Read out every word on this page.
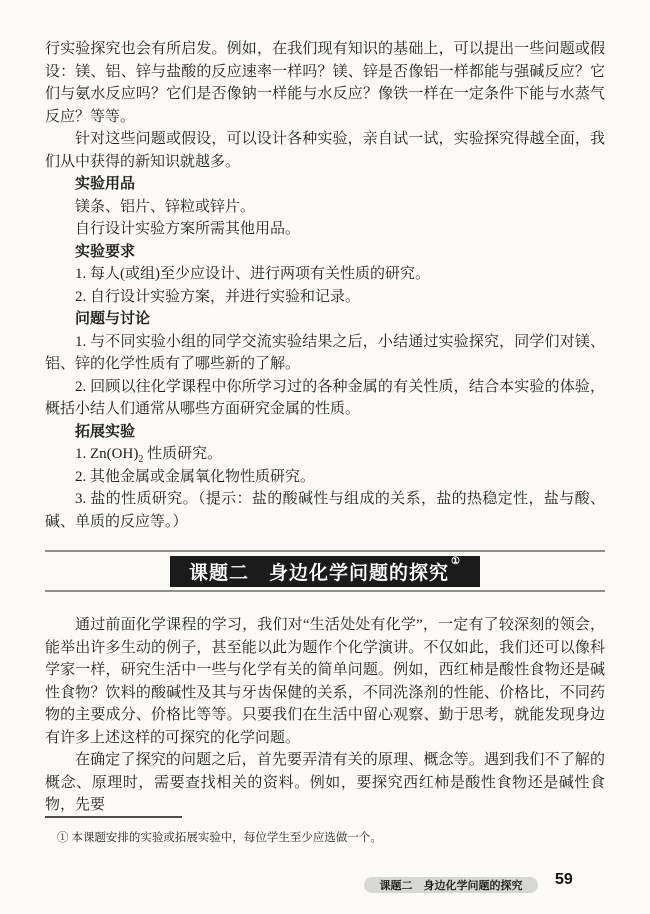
行实验探究也会有所启发。例如，在我们现有知识的基础上，可以提出一些问题或假设：镁、铝、锌与盐酸的反应速率一样吗？镁、锌是否像铝一样都能与强碱反应？它们与氨水反应吗？它们是否像钠一样能与水反应？像铁一样在一定条件下能与水蒸气反应？等等。

针对这些问题或假设，可以设计各种实验，亲自试一试，实验探究得越全面，我们从中获得的新知识就越多。

实验用品

镁条、铝片、锌粒或锌片。

自行设计实验方案所需其他用品。

实验要求

1. 每人(或组)至少应设计、进行两项有关性质的研究。

2. 自行设计实验方案，并进行实验和记录。

问题与讨论

1. 与不同实验小组的同学交流实验结果之后，小结通过实验探究，同学们对镁、铝、锌的化学性质有了哪些新的了解。

2. 回顾以往化学课程中你所学习过的各种金属的有关性质，结合本实验的体验，概括小结人们通常从哪些方面研究金属的性质。

拓展实验

1. $Zn(OH)_2$ 性质研究。

2. 其他金属或金属氧化物性质研究。

3. 盐的性质研究。（提示：盐的酸碱性与组成的关系，盐的热稳定性，盐与酸、碱、单质的反应等。）

课题二　身边化学问题的探究
①

通过前面化学课程的学习，我们对“生活处处有化学”，一定有了较深刻的领会，能举出许多生动的例子，甚至能以此为题作个化学演讲。不仅如此，我们还可以像科学家一样，研究生活中一些与化学有关的简单问题。例如，西红柿是酸性食物还是碱性食物？饮料的酸碱性及其与牙齿保健的关系，不同洗涤剂的性能、价格比，不同药物的主要成分、价格比等等。只要我们在生活中留心观察、勤于思考，就能发现身边有许多上述这样的可探究的化学问题。

在确定了探究的问题之后，首先要弄清有关的原理、概念等。遇到我们不了解的概念、原理时，需要查找相关的资料。例如，要探究西红柿是酸性食物还是碱性食物，先要

① 本课题安排的实验或拓展实验中，每位学生至少应选做一个。

课题二　身边化学问题的探究 59
